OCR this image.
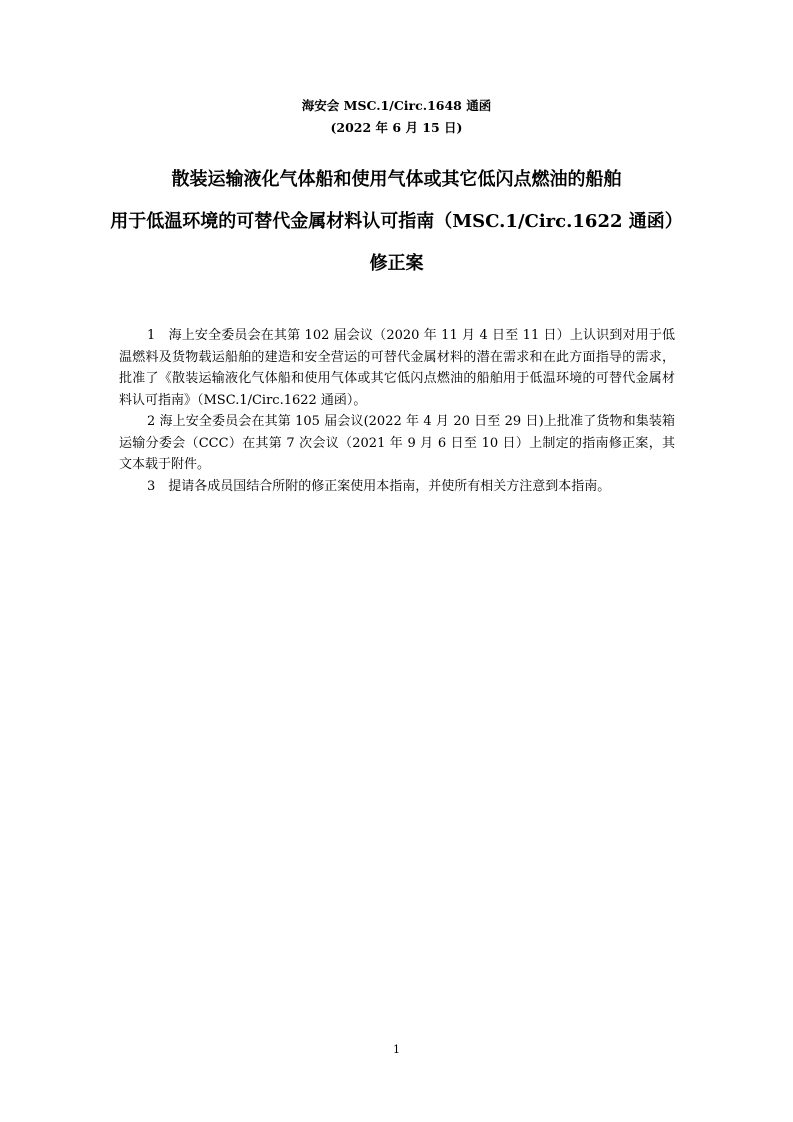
海安会 MSC.1/Circ.1648 通函
(2022 年 6 月 15 日)
散装运输液化气体船和使用气体或其它低闪点燃油的船舶
用于低温环境的可替代金属材料认可指南（MSC.1/Circ.1622 通函）
修正案

1　海上安全委员会在其第 102 届会议（2020 年 11 月 4 日至 11 日）上认识到对用于低温燃料及货物载运船舶的建造和安全营运的可替代金属材料的潜在需求和在此方面指导的需求，批准了《散装运输液化气体船和使用气体或其它低闪点燃油的船舶用于低温环境的可替代金属材料认可指南》（MSC.1/Circ.1622 通函）。

2 海上安全委员会在其第 105 届会议(2022 年 4 月 20 日至 29 日)上批准了货物和集装箱运输分委会（CCC）在其第 7 次会议（2021 年 9 月 6 日至 10 日）上制定的指南修正案，其文本载于附件。

3　提请各成员国结合所附的修正案使用本指南，并使所有相关方注意到本指南。

1
